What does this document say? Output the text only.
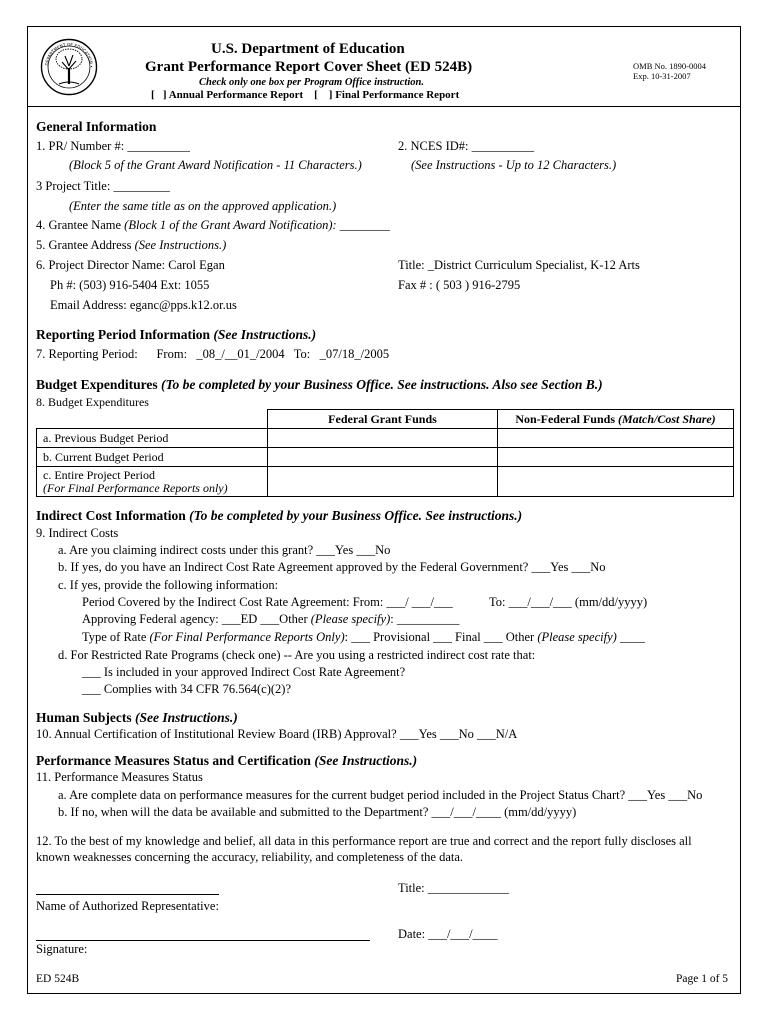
DEPARTMENT OF EDUCATION •
U.S. Department of Education
Grant Performance Report Cover Sheet (ED 524B)
Check only one box per Program Office instruction.
[   ] Annual Performance Report    [    ] Final Performance Report
OMB No. 1890-0004
Exp. 10-31-2007
General Information
1. PR/ Number #: __________
(Block 5 of the Grant Award Notification - 11 Characters.)
2. NCES ID#: __________
(See Instructions - Up to 12 Characters.)
3 Project Title: _________
(Enter the same title as on the approved application.)
4. Grantee Name (Block 1 of the Grant Award Notification): ________
5. Grantee Address (See Instructions.)
6. Project Director Name: Carol Egan	Title: _District Curriculum Specialist, K-12 Arts
Ph #: (503) 916-5404 Ext: 1055	Fax # : ( 503 ) 916-2795
Email Address: eganc@pps.k12.or.us
Reporting Period Information (See Instructions.)
7. Reporting Period:      From:   _08_/__01_/2004   To:   _07/18_/2005
Budget Expenditures (To be completed by your Business Office. See instructions. Also see Section B.)
8. Budget Expenditures
	Federal Grant Funds	Non-Federal Funds (Match/Cost Share)
a. Previous Budget Period		
b. Current Budget Period		
c. Entire Project Period
(For Final Performance Reports only)		
Indirect Cost Information (To be completed by your Business Office. See instructions.)
9. Indirect Costs
a. Are you claiming indirect costs under this grant? ___Yes ___No
b. If yes, do you have an Indirect Cost Rate Agreement approved by the Federal Government? ___Yes ___No
c. If yes, provide the following information:
Period Covered by the Indirect Cost Rate Agreement: From: ___/ ___/___	To: ___/___/___ (mm/dd/yyyy)
Approving Federal agency: ___ED ___Other (Please specify): __________
Type of Rate (For Final Performance Reports Only): ___ Provisional ___ Final ___ Other (Please specify) ____
d. For Restricted Rate Programs (check one) -- Are you using a restricted indirect cost rate that:
___ Is included in your approved Indirect Cost Rate Agreement?
___ Complies with 34 CFR 76.564(c)(2)?
Human Subjects (See Instructions.)
10. Annual Certification of Institutional Review Board (IRB) Approval? ___Yes ___No ___N/A
Performance Measures Status and Certification (See Instructions.)
11. Performance Measures Status
a. Are complete data on performance measures for the current budget period included in the Project Status Chart? ___Yes ___No
b. If no, when will the data be available and submitted to the Department? ___/___/____ (mm/dd/yyyy)
12. To the best of my knowledge and belief, all data in this performance report are true and correct and the report fully discloses all
known weaknesses concerning the accuracy, reliability, and completeness of the data.
Title: _____________
Name of Authorized Representative:
Date: ___/___/____
Signature:
ED 524B	Page 1 of 5
